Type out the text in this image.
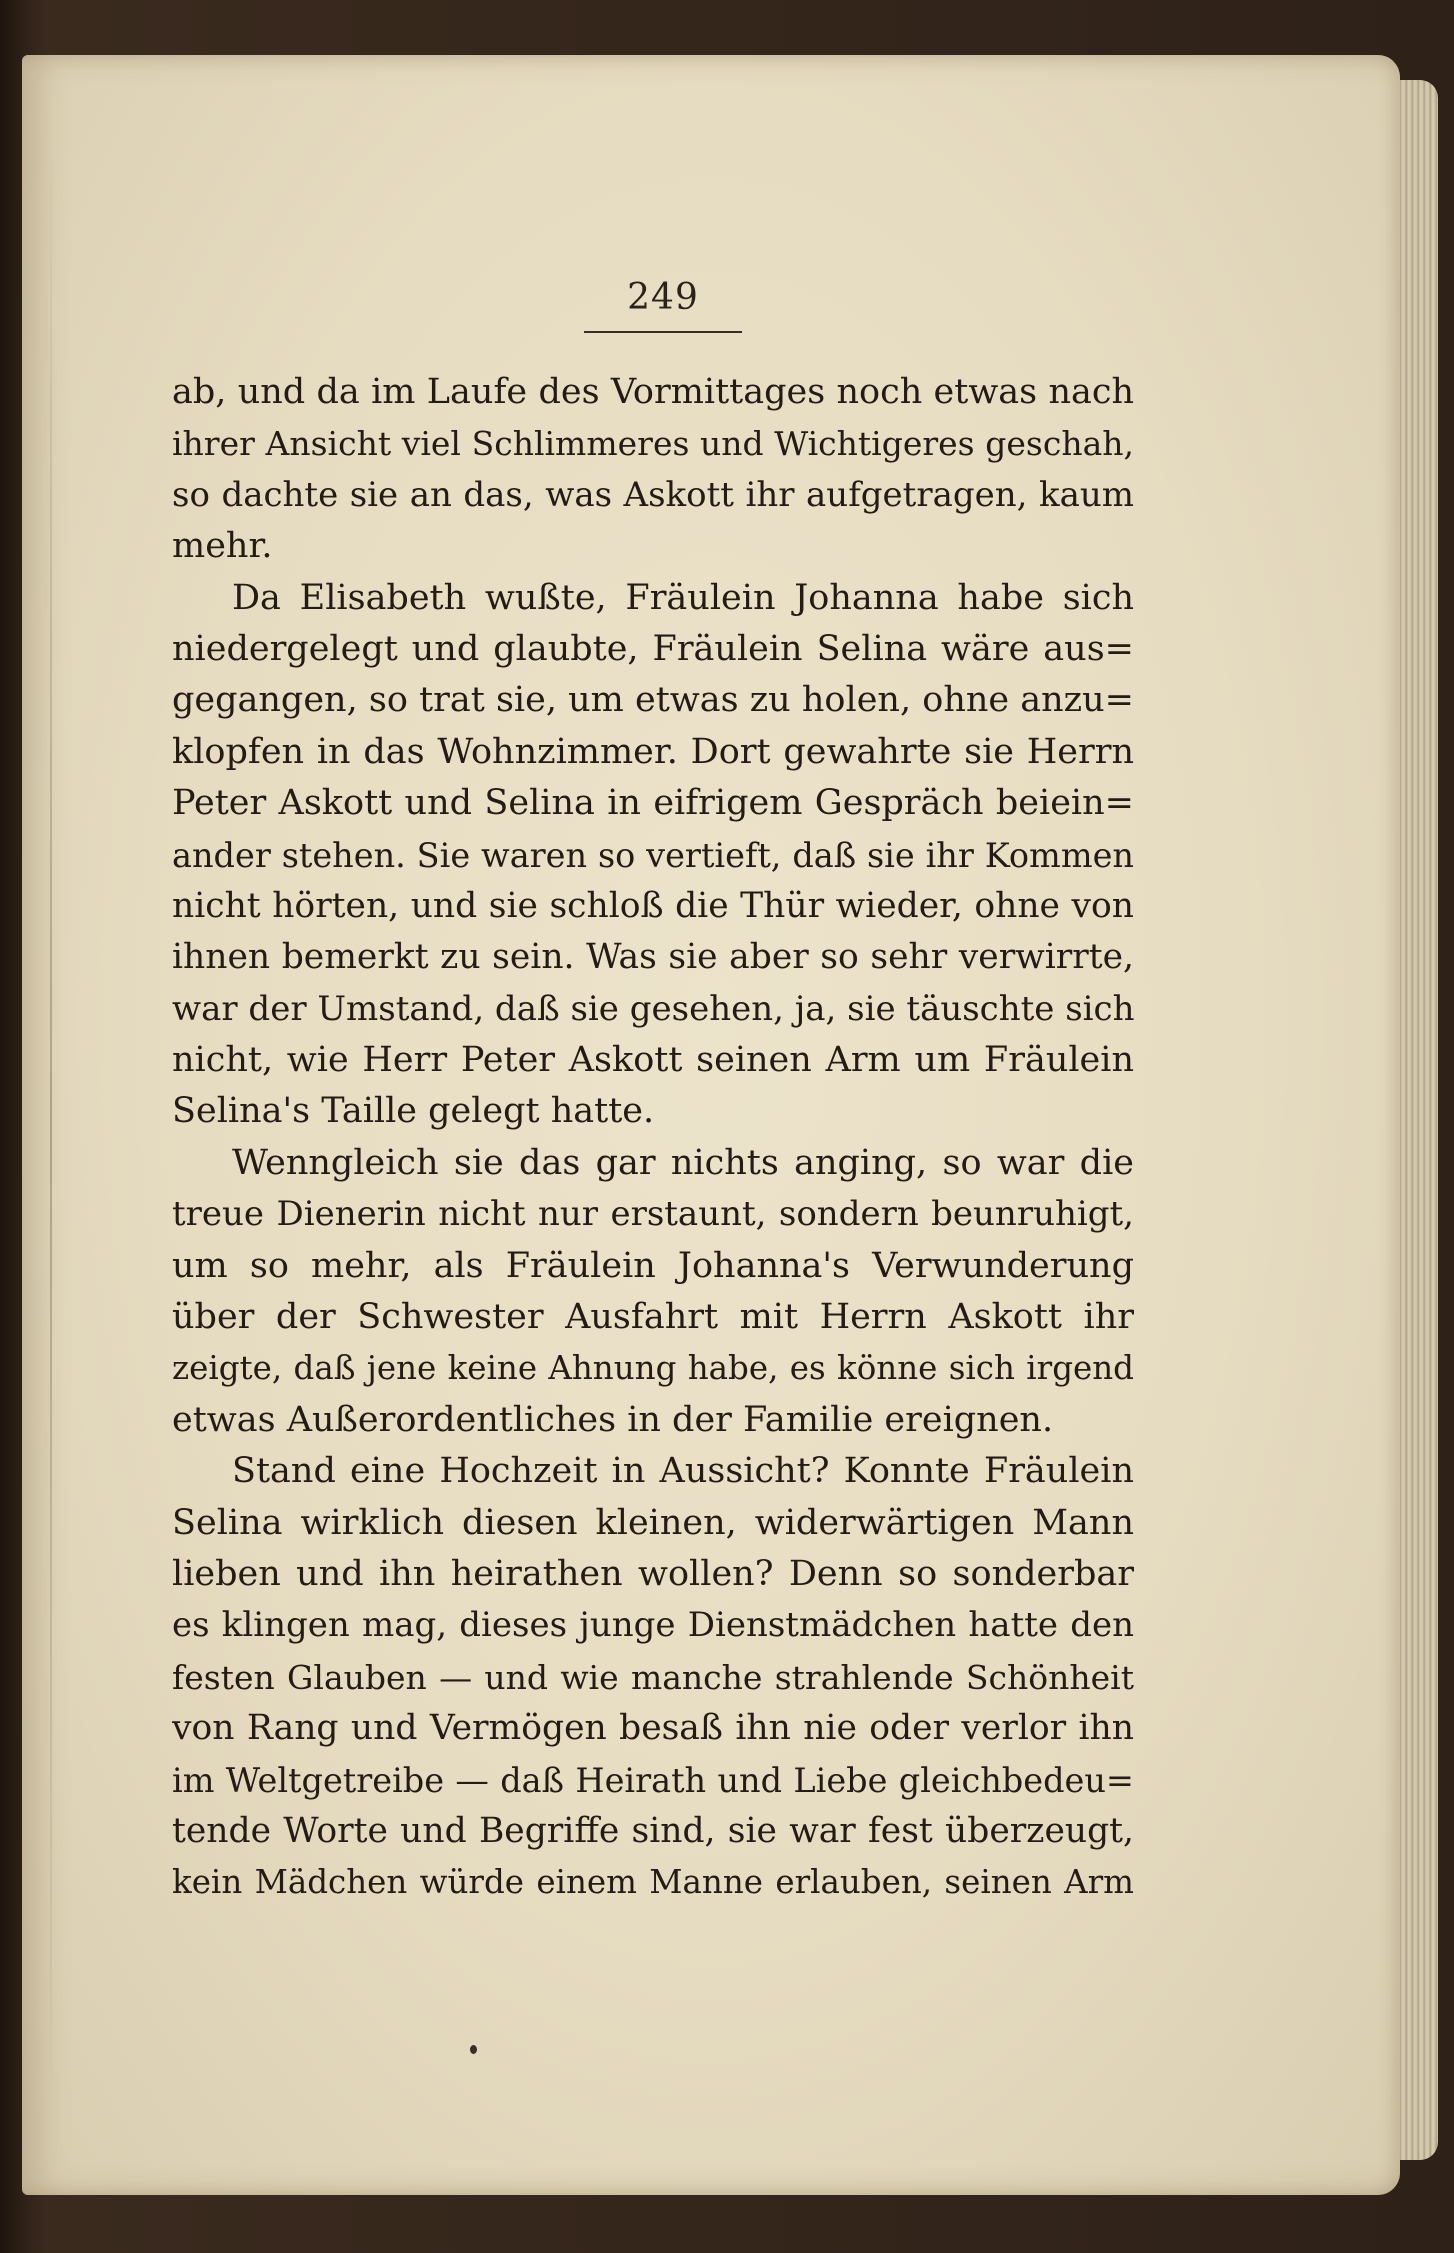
249
ab, und da im Laufe des Vormittages noch etwas nach
ihrer Ansicht viel Schlimmeres und Wichtigeres geschah,
so dachte sie an das, was Askott ihr aufgetragen, kaum
mehr.
Da Elisabeth wußte, Fräulein Johanna habe sich
niedergelegt und glaubte, Fräulein Selina wäre aus=
gegangen, so trat sie, um etwas zu holen, ohne anzu=
klopfen in das Wohnzimmer. Dort gewahrte sie Herrn
Peter Askott und Selina in eifrigem Gespräch beiein=
ander stehen. Sie waren so vertieft, daß sie ihr Kommen
nicht hörten, und sie schloß die Thür wieder, ohne von
ihnen bemerkt zu sein. Was sie aber so sehr verwirrte,
war der Umstand, daß sie gesehen, ja, sie täuschte sich
nicht, wie Herr Peter Askott seinen Arm um Fräulein
Selina's Taille gelegt hatte.
Wenngleich sie das gar nichts anging, so war die
treue Dienerin nicht nur erstaunt, sondern beunruhigt,
um so mehr, als Fräulein Johanna's Verwunderung
über der Schwester Ausfahrt mit Herrn Askott ihr
zeigte, daß jene keine Ahnung habe, es könne sich irgend
etwas Außerordentliches in der Familie ereignen.
Stand eine Hochzeit in Aussicht? Konnte Fräulein
Selina wirklich diesen kleinen, widerwärtigen Mann
lieben und ihn heirathen wollen? Denn so sonderbar
es klingen mag, dieses junge Dienstmädchen hatte den
festen Glauben — und wie manche strahlende Schönheit
von Rang und Vermögen besaß ihn nie oder verlor ihn
im Weltgetreibe — daß Heirath und Liebe gleichbedeu=
tende Worte und Begriffe sind, sie war fest überzeugt,
kein Mädchen würde einem Manne erlauben, seinen Arm
